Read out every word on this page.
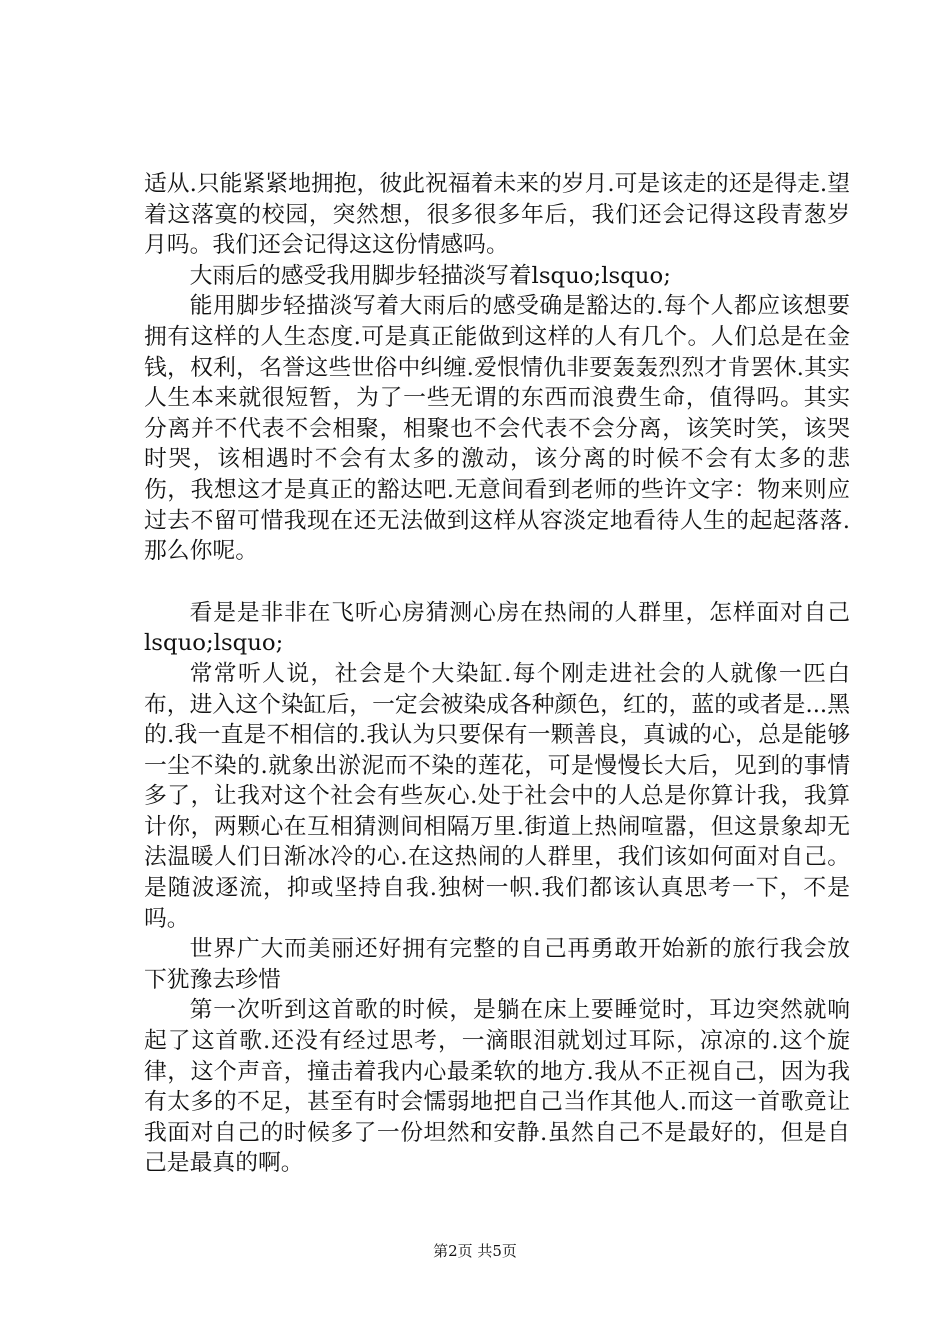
适从.只能紧紧地拥抱，彼此祝福着未来的岁月.可是该走的还是得走.望着这落寞的校园，突然想，很多很多年后，我们还会记得这段青葱岁月吗。我们还会记得这这份情感吗。

大雨后的感受我用脚步轻描淡写着lsquo;lsquo;

能用脚步轻描淡写着大雨后的感受确是豁达的.每个人都应该想要拥有这样的人生态度.可是真正能做到这样的人有几个。人们总是在金钱，权利，名誉这些世俗中纠缠.爱恨情仇非要轰轰烈烈才肯罢休.其实人生本来就很短暂，为了一些无谓的东西而浪费生命，值得吗。其实分离并不代表不会相聚，相聚也不会代表不会分离，该笑时笑，该哭时哭，该相遇时不会有太多的激动，该分离的时候不会有太多的悲伤，我想这才是真正的豁达吧.无意间看到老师的些许文字：物来则应过去不留可惜我现在还无法做到这样从容淡定地看待人生的起起落落.那么你呢。

看是是非非在飞听心房猜测心房在热闹的人群里，怎样面对自己lsquo;lsquo;

常常听人说，社会是个大染缸.每个刚走进社会的人就像一匹白布，进入这个染缸后，一定会被染成各种颜色，红的，蓝的或者是...黑的.我一直是不相信的.我认为只要保有一颗善良，真诚的心，总是能够一尘不染的.就象出淤泥而不染的莲花，可是慢慢长大后，见到的事情多了，让我对这个社会有些灰心.处于社会中的人总是你算计我，我算计你，两颗心在互相猜测间相隔万里.街道上热闹喧嚣，但这景象却无法温暖人们日渐冰冷的心.在这热闹的人群里，我们该如何面对自己。是随波逐流，抑或坚持自我.独树一帜.我们都该认真思考一下，不是吗。

世界广大而美丽还好拥有完整的自己再勇敢开始新的旅行我会放下犹豫去珍惜

第一次听到这首歌的时候，是躺在床上要睡觉时，耳边突然就响起了这首歌.还没有经过思考，一滴眼泪就划过耳际，凉凉的.这个旋律，这个声音，撞击着我内心最柔软的地方.我从不正视自己，因为我有太多的不足，甚至有时会懦弱地把自己当作其他人.而这一首歌竟让我面对自己的时候多了一份坦然和安静.虽然自己不是最好的，但是自己是最真的啊。

第2页 共5页
